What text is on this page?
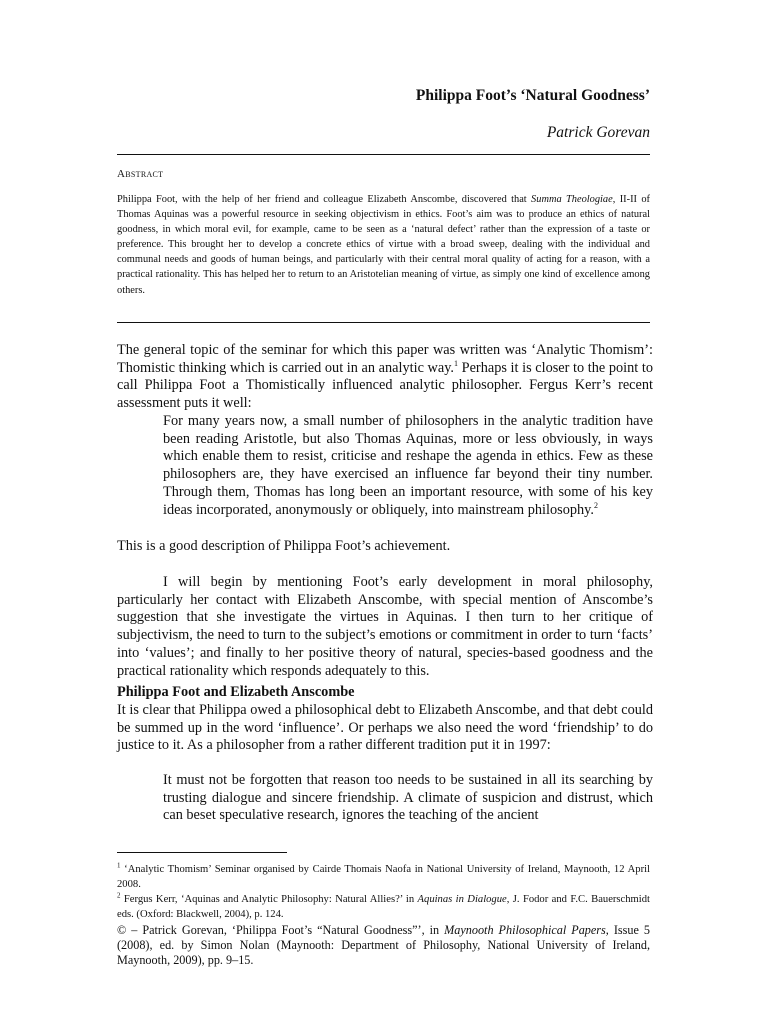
Philippa Foot’s ‘Natural Goodness’
Patrick Gorevan
Abstract

Philippa Foot, with the help of her friend and colleague Elizabeth Anscombe, discovered that Summa Theologiae, II-II of Thomas Aquinas was a powerful resource in seeking objectivism in ethics. Foot’s aim was to produce an ethics of natural goodness, in which moral evil, for example, came to be seen as a ‘natural defect’ rather than the expression of a taste or preference. This brought her to develop a concrete ethics of virtue with a broad sweep, dealing with the individual and communal needs and goods of human beings, and particularly with their central moral quality of acting for a reason, with a practical rationality. This has helped her to return to an Aristotelian meaning of virtue, as simply one kind of excellence among others.

The general topic of the seminar for which this paper was written was ‘Analytic Thomism’: Thomistic thinking which is carried out in an analytic way.$^1$ Perhaps it is closer to the point to call Philippa Foot a Thomistically influenced analytic philosopher. Fergus Kerr’s recent assessment puts it well:

For many years now, a small number of philosophers in the analytic tradition have been reading Aristotle, but also Thomas Aquinas, more or less obviously, in ways which enable them to resist, criticise and reshape the agenda in ethics. Few as these philosophers are, they have exercised an influence far beyond their tiny number. Through them, Thomas has long been an important resource, with some of his key ideas incorporated, anonymously or obliquely, into mainstream philosophy.$^2$

This is a good description of Philippa Foot’s achievement.

I will begin by mentioning Foot’s early development in moral philosophy, particularly her contact with Elizabeth Anscombe, with special mention of Anscombe’s suggestion that she investigate the virtues in Aquinas. I then turn to her critique of subjectivism, the need to turn to the subject’s emotions or commitment in order to turn ‘facts’ into ‘values’; and finally to her positive theory of natural, species-based goodness and the practical rationality which responds adequately to this.

Philippa Foot and Elizabeth Anscombe

It is clear that Philippa owed a philosophical debt to Elizabeth Anscombe, and that debt could be summed up in the word ‘influence’. Or perhaps we also need the word ‘friendship’ to do justice to it. As a philosopher from a rather different tradition put it in 1997:

It must not be forgotten that reason too needs to be sustained in all its searching by trusting dialogue and sincere friendship. A climate of suspicion and distrust, which can beset speculative research, ignores the teaching of the ancient

$^1$ ‘Analytic Thomism’ Seminar organised by Cairde Thomais Naofa in National University of Ireland, Maynooth, 12 April 2008.

$^2$ Fergus Kerr, ‘Aquinas and Analytic Philosophy: Natural Allies?’ in Aquinas in Dialogue, J. Fodor and F.C. Bauerschmidt eds. (Oxford: Blackwell, 2004), p. 124.

© – Patrick Gorevan, ‘Philippa Foot’s “Natural Goodness”’, in Maynooth Philosophical Papers, Issue 5 (2008), ed. by Simon Nolan (Maynooth: Department of Philosophy, National University of Ireland, Maynooth, 2009), pp. 9–15.
